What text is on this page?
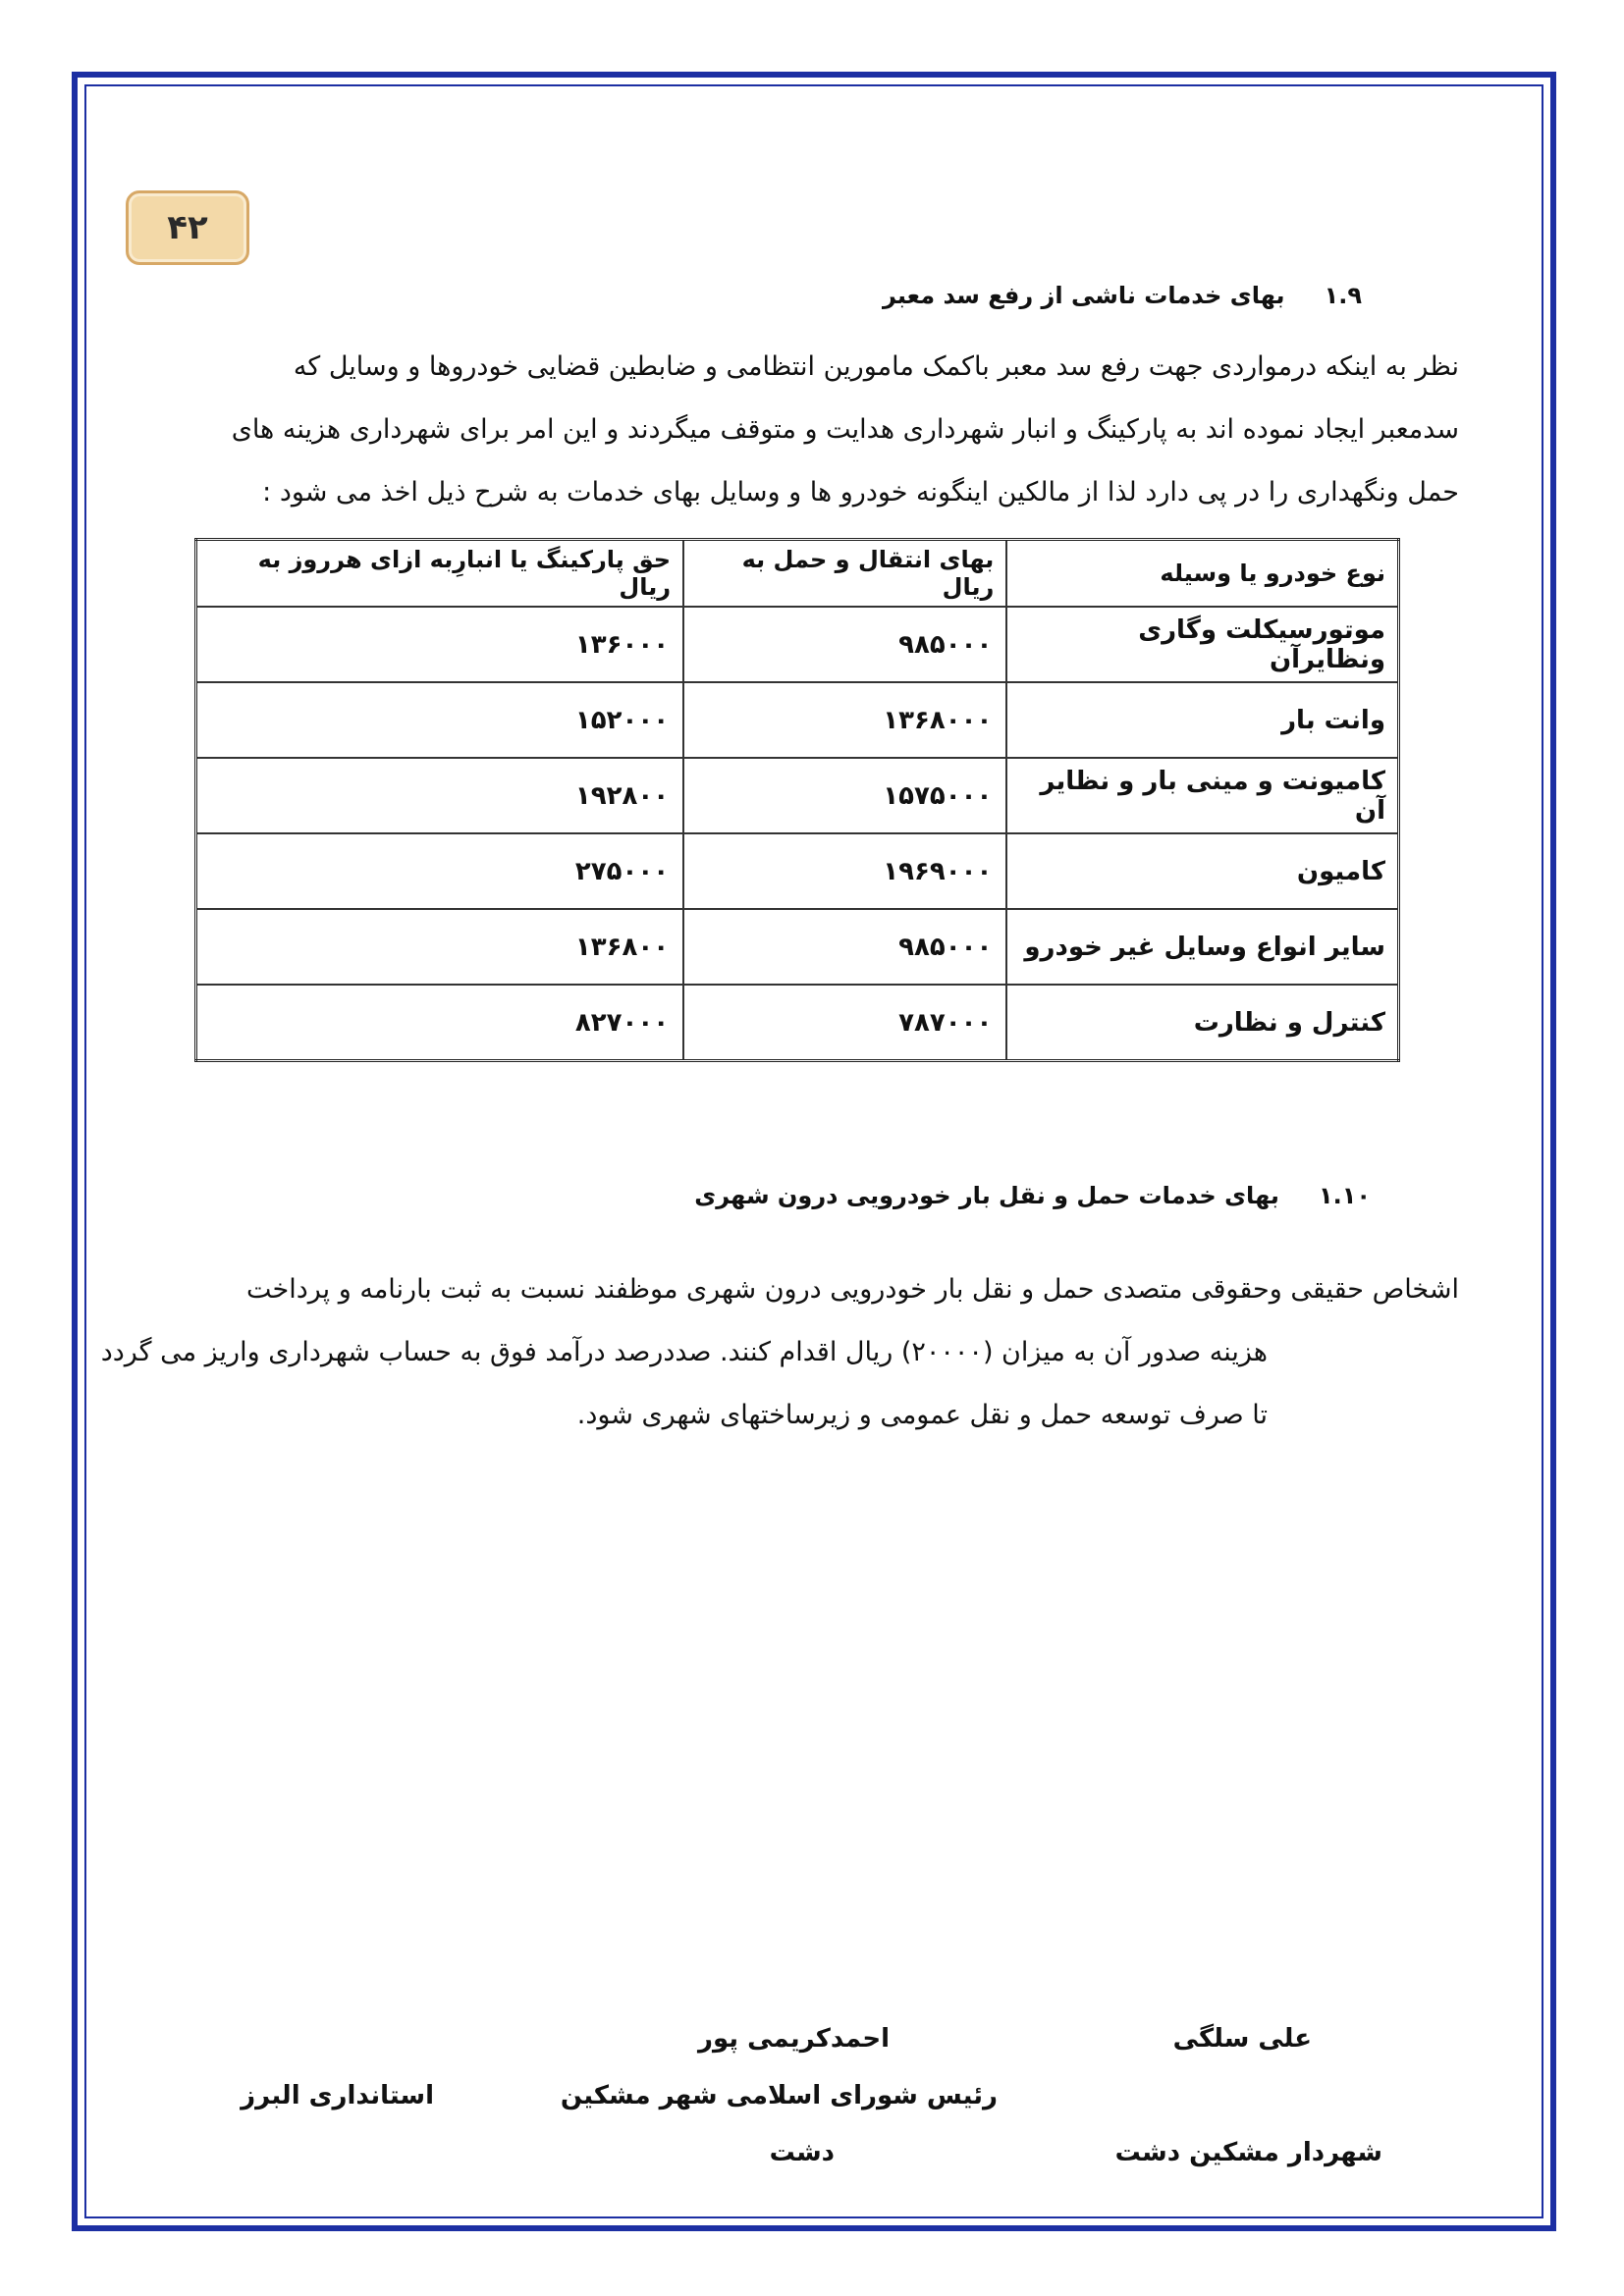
۴۲
۱.۹بهای خدمات ناشی از رفع سد معبر
نظر به اینکه درمواردی جهت رفع سد معبر باکمک مامورین انتظامی و ضابطین قضایی خودروها و وسایل که
سدمعبر ایجاد نموده اند به پارکینگ و انبار شهرداری هدایت و متوقف میگردند و این امر برای شهرداری هزینه های
حمل ونگهداری را در پی دارد لذا از مالکین اینگونه خودرو ها و وسایل بهای خدمات به شرح ذیل اخذ می شود :
نوع خودرو یا وسیله	بهای انتقال و حمل به ریال	حق پارکینگ یا انبارِبه ازای هرروز به ریال
موتورسیکلت وگاری ونظایرآن	۹۸۵۰۰۰	۱۳۶۰۰۰
وانت بار	۱۳۶۸۰۰۰	۱۵۲۰۰۰
کامیونت و مینی بار و نظایر آن	۱۵۷۵۰۰۰	۱۹۲۸۰۰
کامیون	۱۹۶۹۰۰۰	۲۷۵۰۰۰
سایر انواع وسایل غیر خودرو	۹۸۵۰۰۰	۱۳۶۸۰۰
کنترل و نظارت	۷۸۷۰۰۰	۸۲۷۰۰۰
۱.۱۰بهای خدمات حمل و نقل بار خودرویی درون شهری
اشخاص حقیقی وحقوقی متصدی حمل و نقل بار خودرویی درون شهری موظفند نسبت به ثبت بارنامه و پرداخت
هزینه صدور آن به میزان (۲۰۰۰۰) ریال اقدام کنند. صددرصد درآمد فوق به حساب شهرداری واریز می گردد
تا صرف توسعه حمل و نقل عمومی و زیرساختهای شهری شود.
علی سلگی
شهردار مشکین دشت
احمدکریمی پور
رئیس شورای اسلامی شهر مشکین
دشت
استانداری البرز
